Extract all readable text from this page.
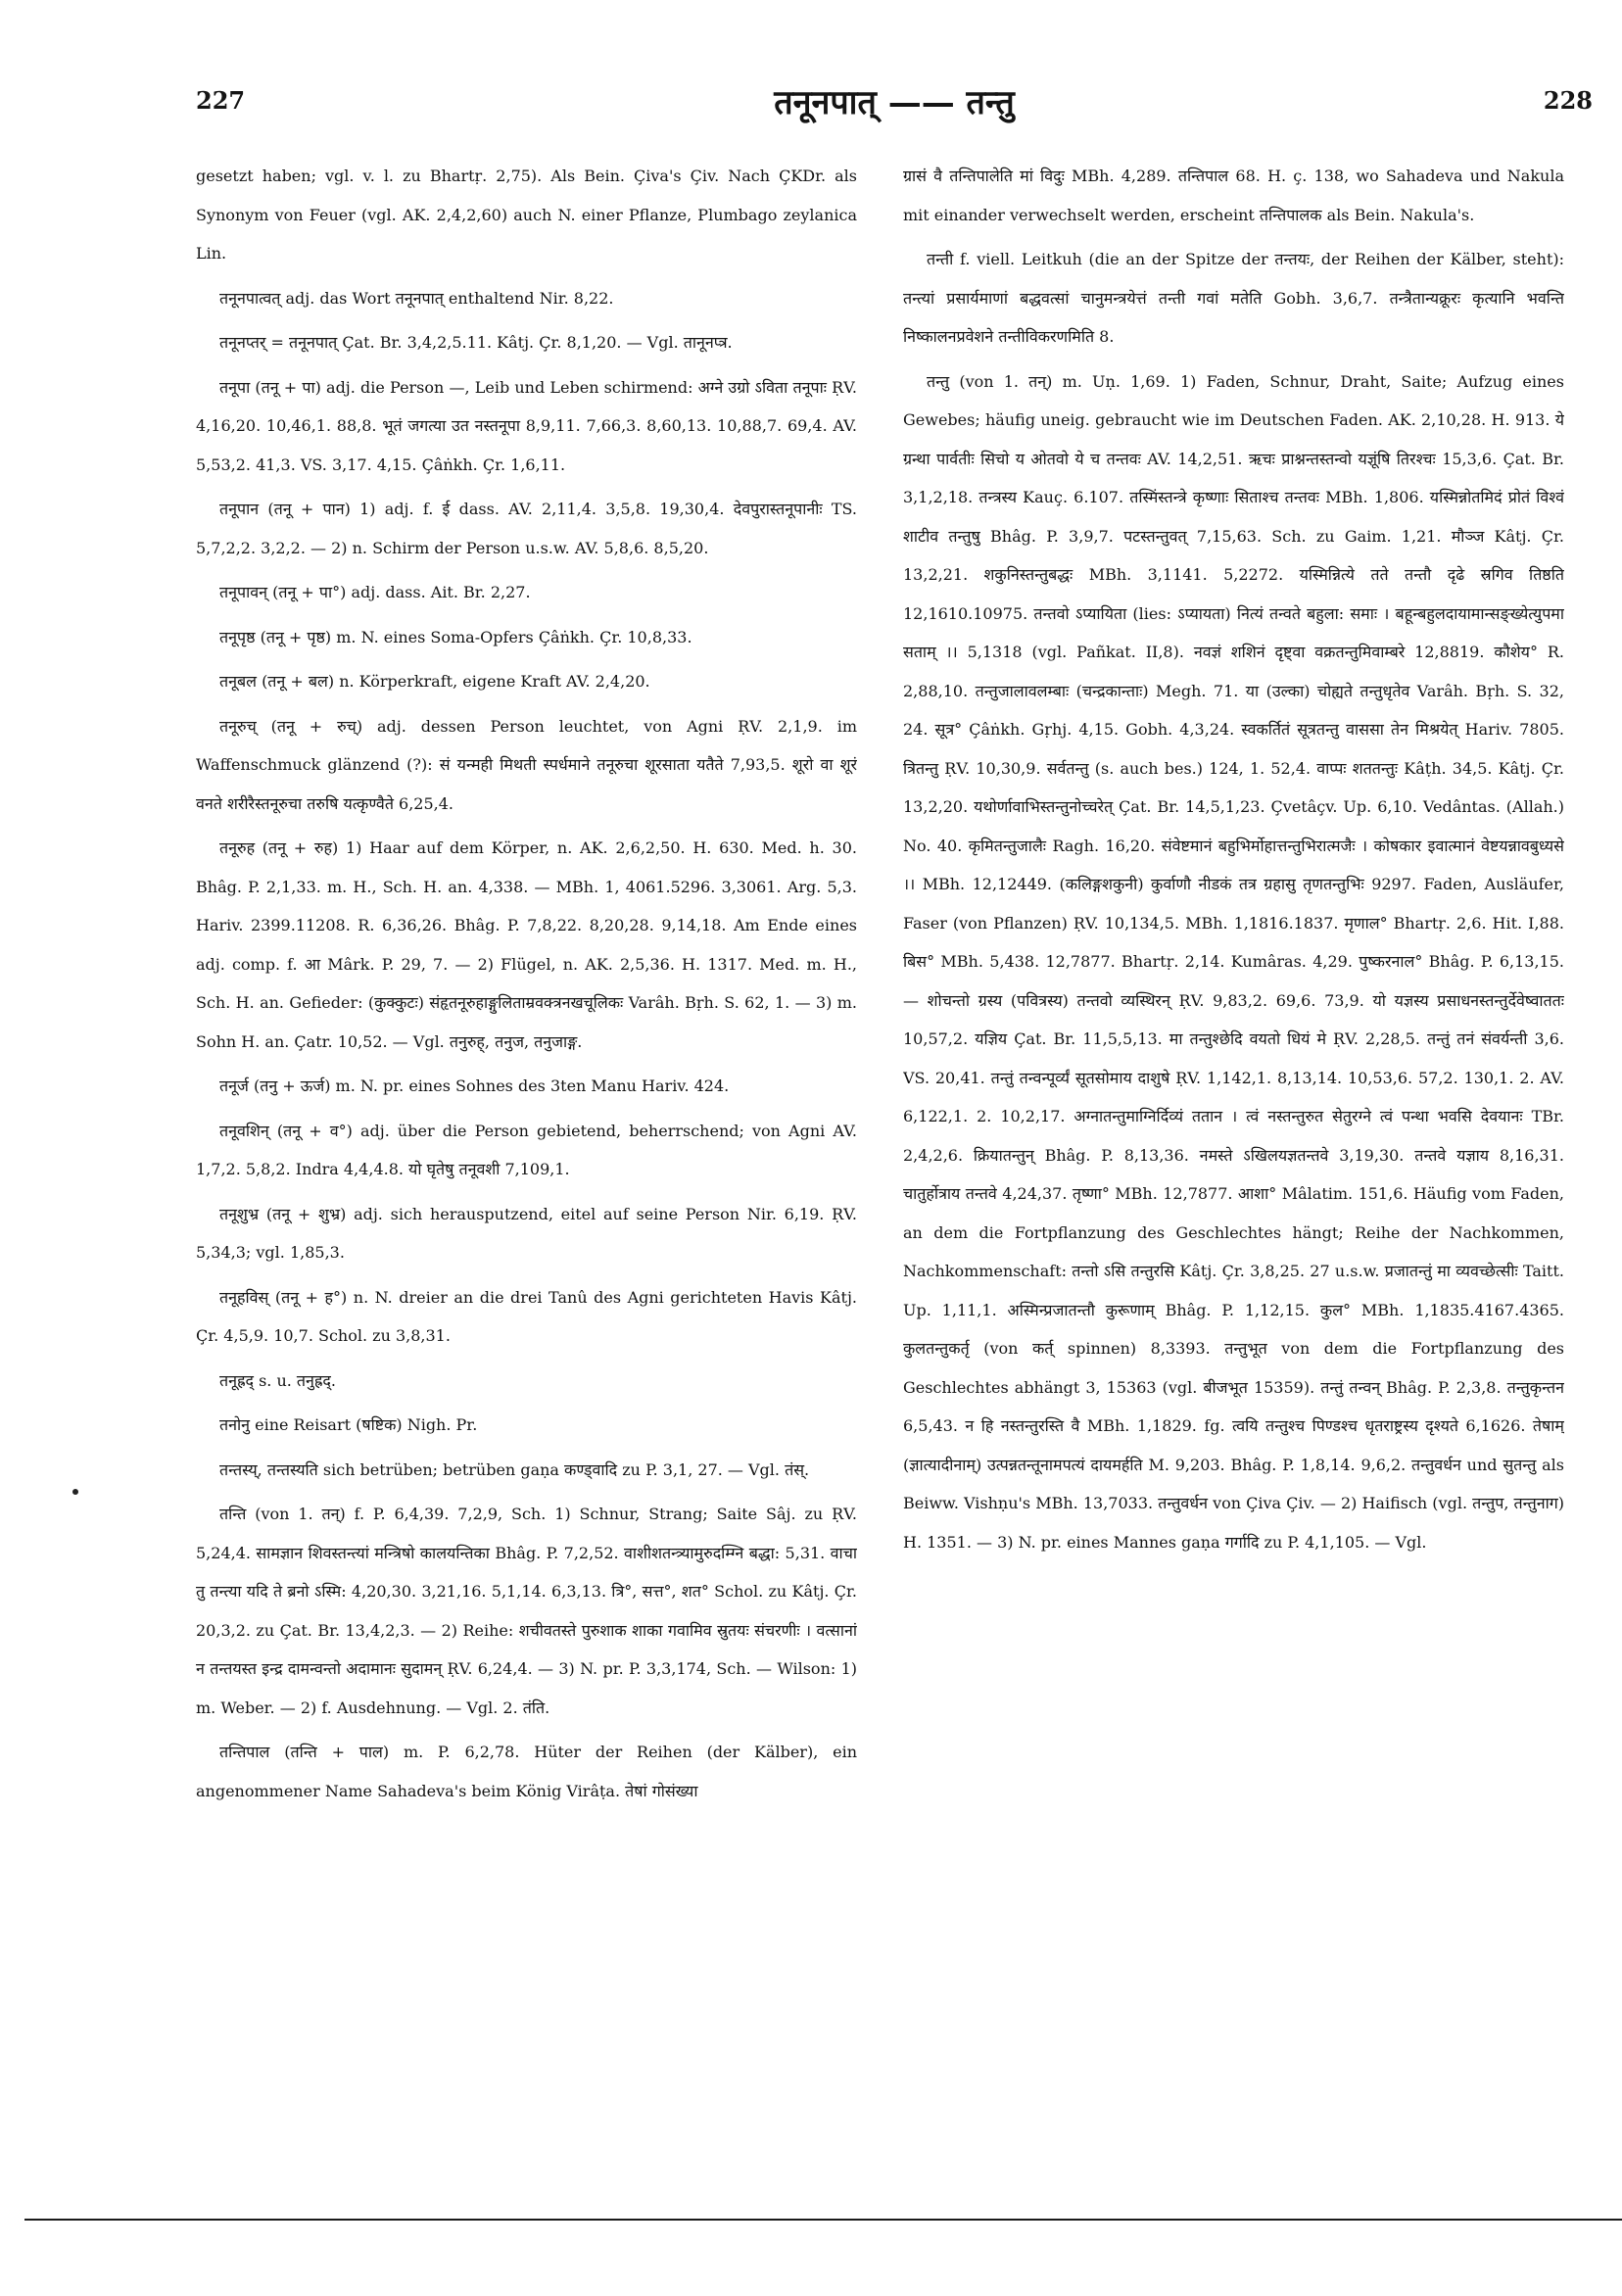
227	तनूनपात् —— तन्तु	228

gesetzt haben; vgl. v. l. zu Bhartṛ. 2,75). Als Bein. Çiva's Çiv. Nach ÇKDr. als Synonym von Feuer (vgl. AK. 2,4,2,60) auch N. einer Pflanze, Plumbago zeylanica Lin.

तनूनपात्वत् adj. das Wort तनूनपात् enthaltend Nir. 8,22.

तनूनप्तर् = तनूनपात् Çat. Br. 3,4,2,5.11. Kâtj. Çr. 8,1,20. — Vgl. तानूनप्त्र.

तनूपा (तनू + पा) adj. die Person —, Leib und Leben schirmend: अग्ने उग्रो ऽविता तनूपाः ṚV. 4,16,20. 10,46,1. 88,8. भूतं जगत्या उत नस्तनूपा 8,9,11. 7,66,3. 8,60,13. 10,88,7. 69,4. AV. 5,53,2. 41,3. VS. 3,17. 4,15. Çâṅkh. Çr. 1,6,11.

तनूपान (तनू + पान) 1) adj. f. ई dass. AV. 2,11,4. 3,5,8. 19,30,4. देवपुरास्तनूपानीः TS. 5,7,2,2. 3,2,2. — 2) n. Schirm der Person u.s.w. AV. 5,8,6. 8,5,20.

तनूपावन् (तनू + पा°) adj. dass. Ait. Br. 2,27.

तनूपृष्ठ (तनू + पृष्ठ) m. N. eines Soma-Opfers Çâṅkh. Çr. 10,8,33.

तनूबल (तनू + बल) n. Körperkraft, eigene Kraft AV. 2,4,20.

तनूरुच् (तनू + रुच्) adj. dessen Person leuchtet, von Agni ṚV. 2,1,9. im Waffenschmuck glänzend (?): सं यन्मही मिथती स्पर्धमाने तनूरुचा शूरसाता यतैते 7,93,5. शूरो वा शूरं वनते शरीरैस्तनूरुचा तरुषि यत्कृण्वैते 6,25,4.

तनूरुह (तनू + रुह) 1) Haar auf dem Körper, n. AK. 2,6,2,50. H. 630. Med. h. 30. Bhâg. P. 2,1,33. m. H., Sch. H. an. 4,338. — MBh. 1, 4061.5296. 3,3061. Arg. 5,3. Hariv. 2399.11208. R. 6,36,26. Bhâg. P. 7,8,22. 8,20,28. 9,14,18. Am Ende eines adj. comp. f. आ Mârk. P. 29, 7. — 2) Flügel, n. AK. 2,5,36. H. 1317. Med. m. H., Sch. H. an. Gefieder: (कुक्कुटः) संहृतनूरुहाङ्गुलिताम्रवक्त्रनखचूलिकः Varâh. Bṛh. S. 62, 1. — 3) m. Sohn H. an. Çatr. 10,52. — Vgl. तनुरुह्, तनुज, तनुजाङ्ग.

तनूर्ज (तनु + ऊर्ज) m. N. pr. eines Sohnes des 3ten Manu Hariv. 424.

तनूवशिन् (तनू + व°) adj. über die Person gebietend, beherrschend; von Agni AV. 1,7,2. 5,8,2. Indra 4,4,4.8. यो घृतेषु तनूवशी 7,109,1.

तनूशुभ्र (तनू + शुभ्र) adj. sich herausputzend, eitel auf seine Person Nir. 6,19. ṚV. 5,34,3; vgl. 1,85,3.

तनूहविस् (तनू + ह°) n. N. dreier an die drei Tanû des Agni gerichteten Havis Kâtj. Çr. 4,5,9. 10,7. Schol. zu 3,8,31.

तनूह्रद् s. u. तनुह्रद्.

तनोनु eine Reisart (षष्टिक) Nigh. Pr.

तन्तस्य्, तन्तस्यति sich betrüben; betrüben gaṇa कण्ड्वादि zu P. 3,1, 27. — Vgl. तंस्.

तन्ति (von 1. तन्) f. P. 6,4,39. 7,2,9, Sch. 1) Schnur, Strang; Saite Sâj. zu ṚV. 5,24,4. सामज्ञान शिवस्तन्त्यां मन्त्रिषो कालयन्तिका Bhâg. P. 7,2,52. वाशीशतन्त्र्यामुरुदम्ग्नि बद्धा: 5,31. वाचा तु तन्त्या यदि ते ब्रनो ऽस्मि: 4,20,30. 3,21,16. 5,1,14. 6,3,13. त्रि°, सत्त°, शत° Schol. zu Kâtj. Çr. 20,3,2. zu Çat. Br. 13,4,2,3. — 2) Reihe: शचीवतस्ते पुरुशाक शाका गवामिव स्रुतयः संचरणीः । वत्सानां न तन्तयस्त इन्द्र दामन्वन्तो अदामानः सुदामन् ṚV. 6,24,4. — 3) N. pr. P. 3,3,174, Sch. — Wilson: 1) m. Weber. — 2) f. Ausdehnung. — Vgl. 2. तंति.

तन्तिपाल (तन्ति + पाल) m. P. 6,2,78. Hüter der Reihen (der Kälber), ein angenommener Name Sahadeva's beim König Virâṭa. तेषां गोसंख्या

ग्रासं वै तन्तिपालेति मां विदुः MBh. 4,289. तन्तिपाल 68. H. ç. 138, wo Sahadeva und Nakula mit einander verwechselt werden, erscheint तन्तिपालक als Bein. Nakula's.

तन्ती f. viell. Leitkuh (die an der Spitze der तन्तयः, der Reihen der Kälber, steht): तन्त्यां प्रसार्यमाणां बद्धवत्सां चानुमन्त्रयेत्तं तन्ती गवां मतेति Gobh. 3,6,7. तन्त्रैतान्यक्रूरः कृत्यानि भवन्ति निष्कालनप्रवेशने तन्तीविकरणमिति 8.

तन्तु (von 1. तन्) m. Uṇ. 1,69. 1) Faden, Schnur, Draht, Saite; Aufzug eines Gewebes; häufig uneig. gebraucht wie im Deutschen Faden. AK. 2,10,28. H. 913. ये ग्रन्था पार्वतीः सिचो य ओतवो ये च तन्तवः AV. 14,2,51. ऋचः प्राश्नन्तस्तन्वो यज्ञूंषि तिरश्चः 15,3,6. Çat. Br. 3,1,2,18. तन्त्रस्य Kauç. 6.107. तस्मिंस्तन्त्रे कृष्णाः सिताश्च तन्तवः MBh. 1,806. यस्मिन्नोतमिदं प्रोतं विश्वं शाटीव तन्तुषु Bhâg. P. 3,9,7. पटस्तन्तुवत् 7,15,63. Sch. zu Gaim. 1,21. मौञ्ज Kâtj. Çr. 13,2,21. शकुनिस्तन्तुबद्धः MBh. 3,1141. 5,2272. यस्मिन्नित्ये तते तन्तौ दृढे स्रगिव तिष्ठति 12,1610.10975. तन्तवो ऽप्यायिता (lies: ऽप्यायता) नित्यं तन्वते बहुला: समाः । बहून्बहुलदायामान्सङ्ख्येत्युपमा सताम् ।। 5,1318 (vgl. Pañkat. II,8). नवज्ञं शशिनं दृष्ट्वा वक्रतन्तुमिवाम्बरे 12,8819. कौशेय° R. 2,88,10. तन्तुजालावलम्बाः (चन्द्रकान्ताः) Megh. 71. या (उल्का) चोह्यते तन्तुधृतेव Varâh. Bṛh. S. 32, 24. सूत्र° Çâṅkh. Gṛhj. 4,15. Gobh. 4,3,24. स्वकर्तितं सूत्रतन्तु वाससा तेन मिश्रयेत् Hariv. 7805. त्रितन्तु ṚV. 10,30,9. सर्वतन्तु (s. auch bes.) 124, 1. 52,4. वाप्पः शततन्तुः Kâṭh. 34,5. Kâtj. Çr. 13,2,20. यथोर्णावाभिस्तन्तुनोच्चरेत् Çat. Br. 14,5,1,23. Çvetâçv. Up. 6,10. Vedântas. (Allah.) No. 40. कृमितन्तुजालैः Ragh. 16,20. संवेष्टमानं बहुभिर्मोहात्तन्तुभिरात्मजैः । कोषकार इवात्मानं वेष्टयन्नावबुध्यसे ।। MBh. 12,12449. (कलिङ्गशकुनी) कुर्वाणौ नीडकं तत्र ग्रहासु तृणतन्तुभिः 9297. Faden, Ausläufer, Faser (von Pflanzen) ṚV. 10,134,5. MBh. 1,1816.1837. मृणाल° Bhartṛ. 2,6. Hit. I,88. बिस° MBh. 5,438. 12,7877. Bhartṛ. 2,14. Kumâras. 4,29. पुष्करनाल° Bhâg. P. 6,13,15. — शोचन्तो ग्रस्य (पवित्रस्य) तन्तवो व्यस्थिरन् ṚV. 9,83,2. 69,6. 73,9. यो यज्ञस्य प्रसाधनस्तन्तुर्देवेष्वाततः 10,57,2. यज्ञिय Çat. Br. 11,5,5,13. मा तन्तुश्छेदि वयतो धियं मे ṚV. 2,28,5. तन्तुं तनं संवर्यन्ती 3,6. VS. 20,41. तन्तुं तन्वन्पूर्व्यं सूतसोमाय दाशुषे ṚV. 1,142,1. 8,13,14. 10,53,6. 57,2. 130,1. 2. AV. 6,122,1. 2. 10,2,17. अग्नातन्तुमाग्निर्दिव्यं ततान । त्वं नस्तन्तुरुत सेतुरग्ने त्वं पन्था भवसि देवयानः TBr. 2,4,2,6. क्रियातन्तुन् Bhâg. P. 8,13,36. नमस्ते ऽखिलयज्ञतन्तवे 3,19,30. तन्तवे यज्ञाय 8,16,31. चातुर्होत्राय तन्तवे 4,24,37. तृष्णा° MBh. 12,7877. आशा° Mâlatim. 151,6. Häufig vom Faden, an dem die Fortpflanzung des Geschlechtes hängt; Reihe der Nachkommen, Nachkommenschaft: तन्तो ऽसि तन्तुरसि Kâtj. Çr. 3,8,25. 27 u.s.w. प्रजातन्तुं मा व्यवच्छेत्सीः Taitt. Up. 1,11,1. अस्मिन्प्रजातन्तौ कुरूणाम् Bhâg. P. 1,12,15. कुल° MBh. 1,1835.4167.4365. कुलतन्तुकर्तृ (von कर्त् spinnen) 8,3393. तन्तुभूत von dem die Fortpflanzung des Geschlechtes abhängt 3, 15363 (vgl. बीजभूत 15359). तन्तुं तन्वन् Bhâg. P. 2,3,8. तन्तुकृन्तन 6,5,43. न हि नस्तन्तुरस्ति वै MBh. 1,1829. fg. त्वयि तन्तुश्च पिण्डश्च धृतराष्ट्रस्य दृश्यते 6,1626. तेषाम् (ज्ञात्यादीनाम्) उत्पन्नतन्तूनामपत्यं दायमर्हति M. 9,203. Bhâg. P. 1,8,14. 9,6,2. तन्तुवर्धन und सुतन्तु als Beiww. Vishṇu's MBh. 13,7033. तन्तुवर्धन von Çiva Çiv. — 2) Haifisch (vgl. तन्तुप, तन्तुनाग) H. 1351. — 3) N. pr. eines Mannes gaṇa गर्गादि zu P. 4,1,105. — Vgl.
